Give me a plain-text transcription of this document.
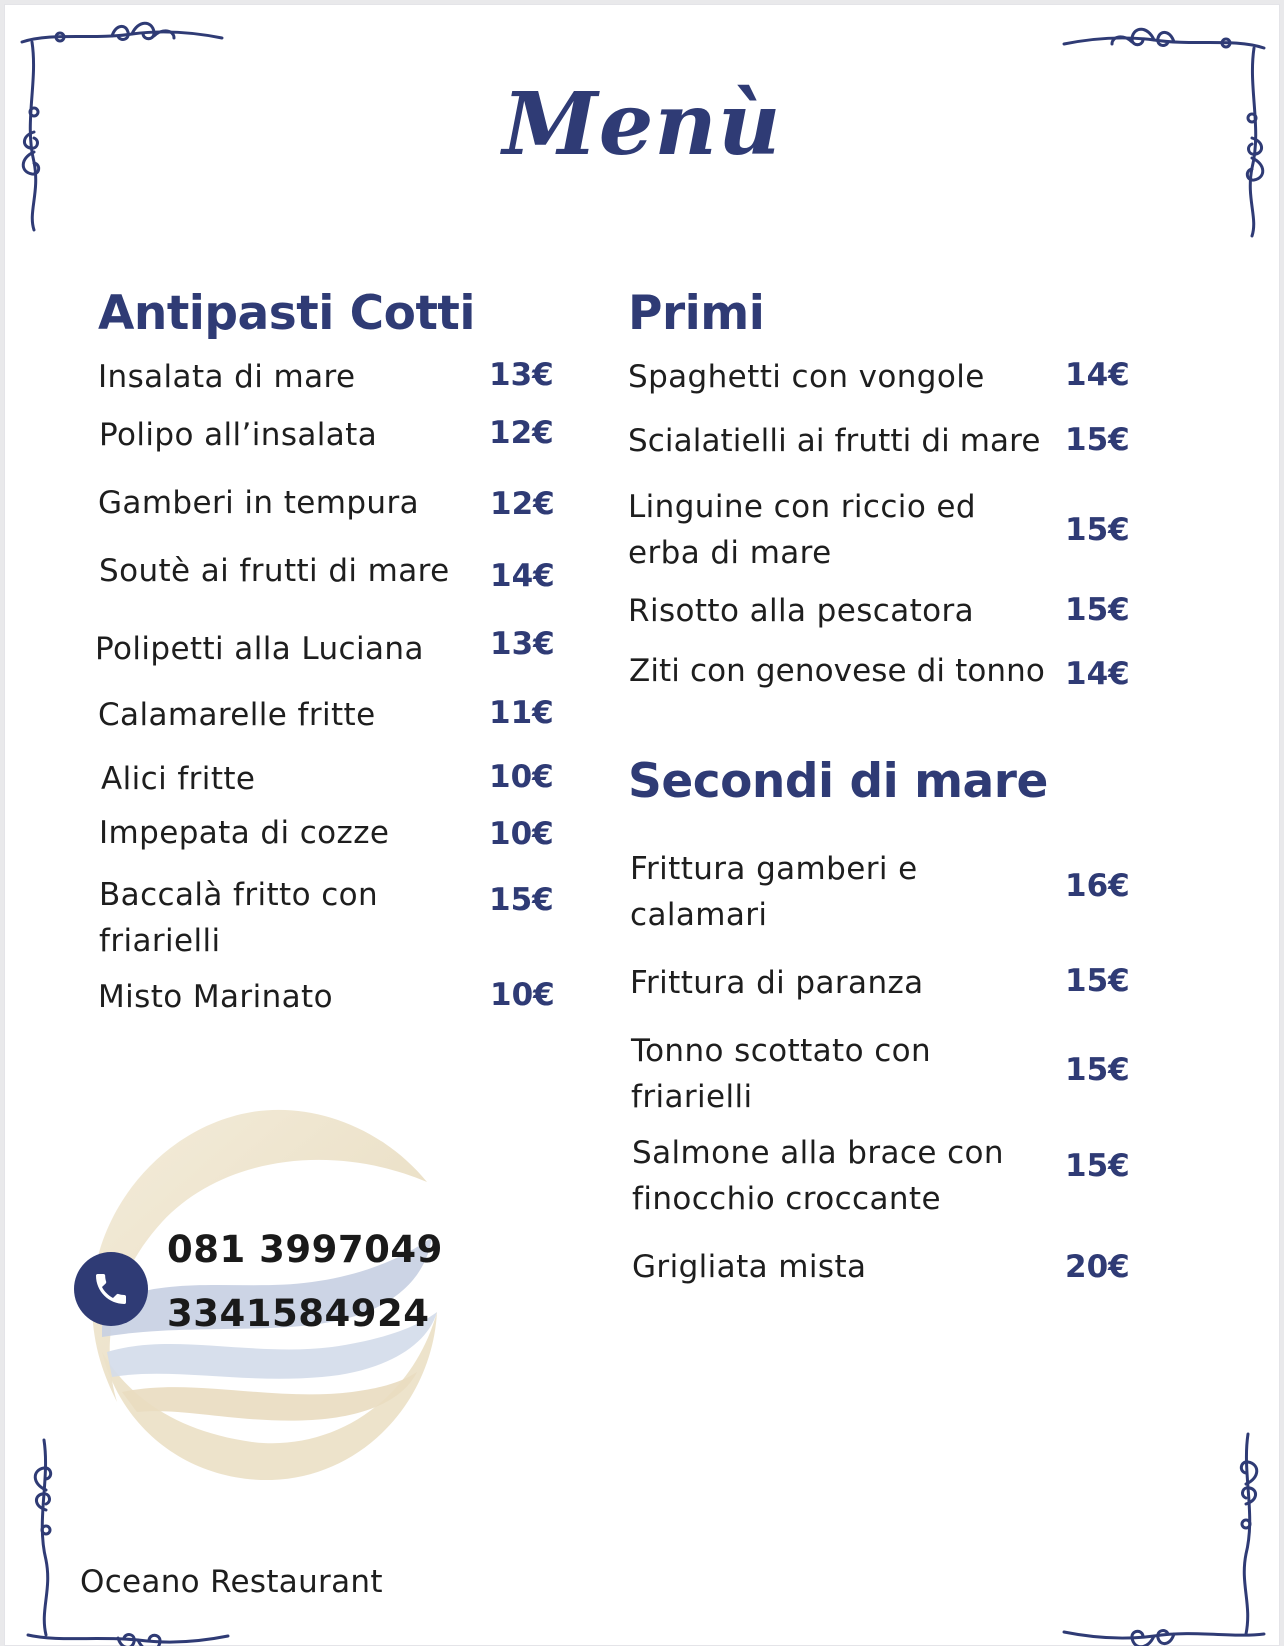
Menù
Antipasti Cotti
Insalata di mare	13€
Polipo all’insalata	12€
Gamberi in tempura 12€
Soutè ai frutti di mare 14€
Polipetti alla Luciana 13€
Calamarelle fritte	11€
Alici fritte	10€
Impepata di cozze	10€
Baccalà fritto con
friarielli
15€
Misto Marinato	10€
Primi
Spaghetti con vongole	14€
Scialatielli ai frutti di mare 15€
Linguine con riccio ed
erba di mare
15€
Risotto alla pescatora	15€
Ziti con genovese di tonno 14€
Secondi di mare
Frittura gamberi e
calamari
16€
Frittura di paranza	15€
Tonno scottato con
friarielli
15€
Salmone alla brace con
finocchio croccante
15€
Grigliata mista	20€
081 3997049
3341584924
Oceano Restaurant
